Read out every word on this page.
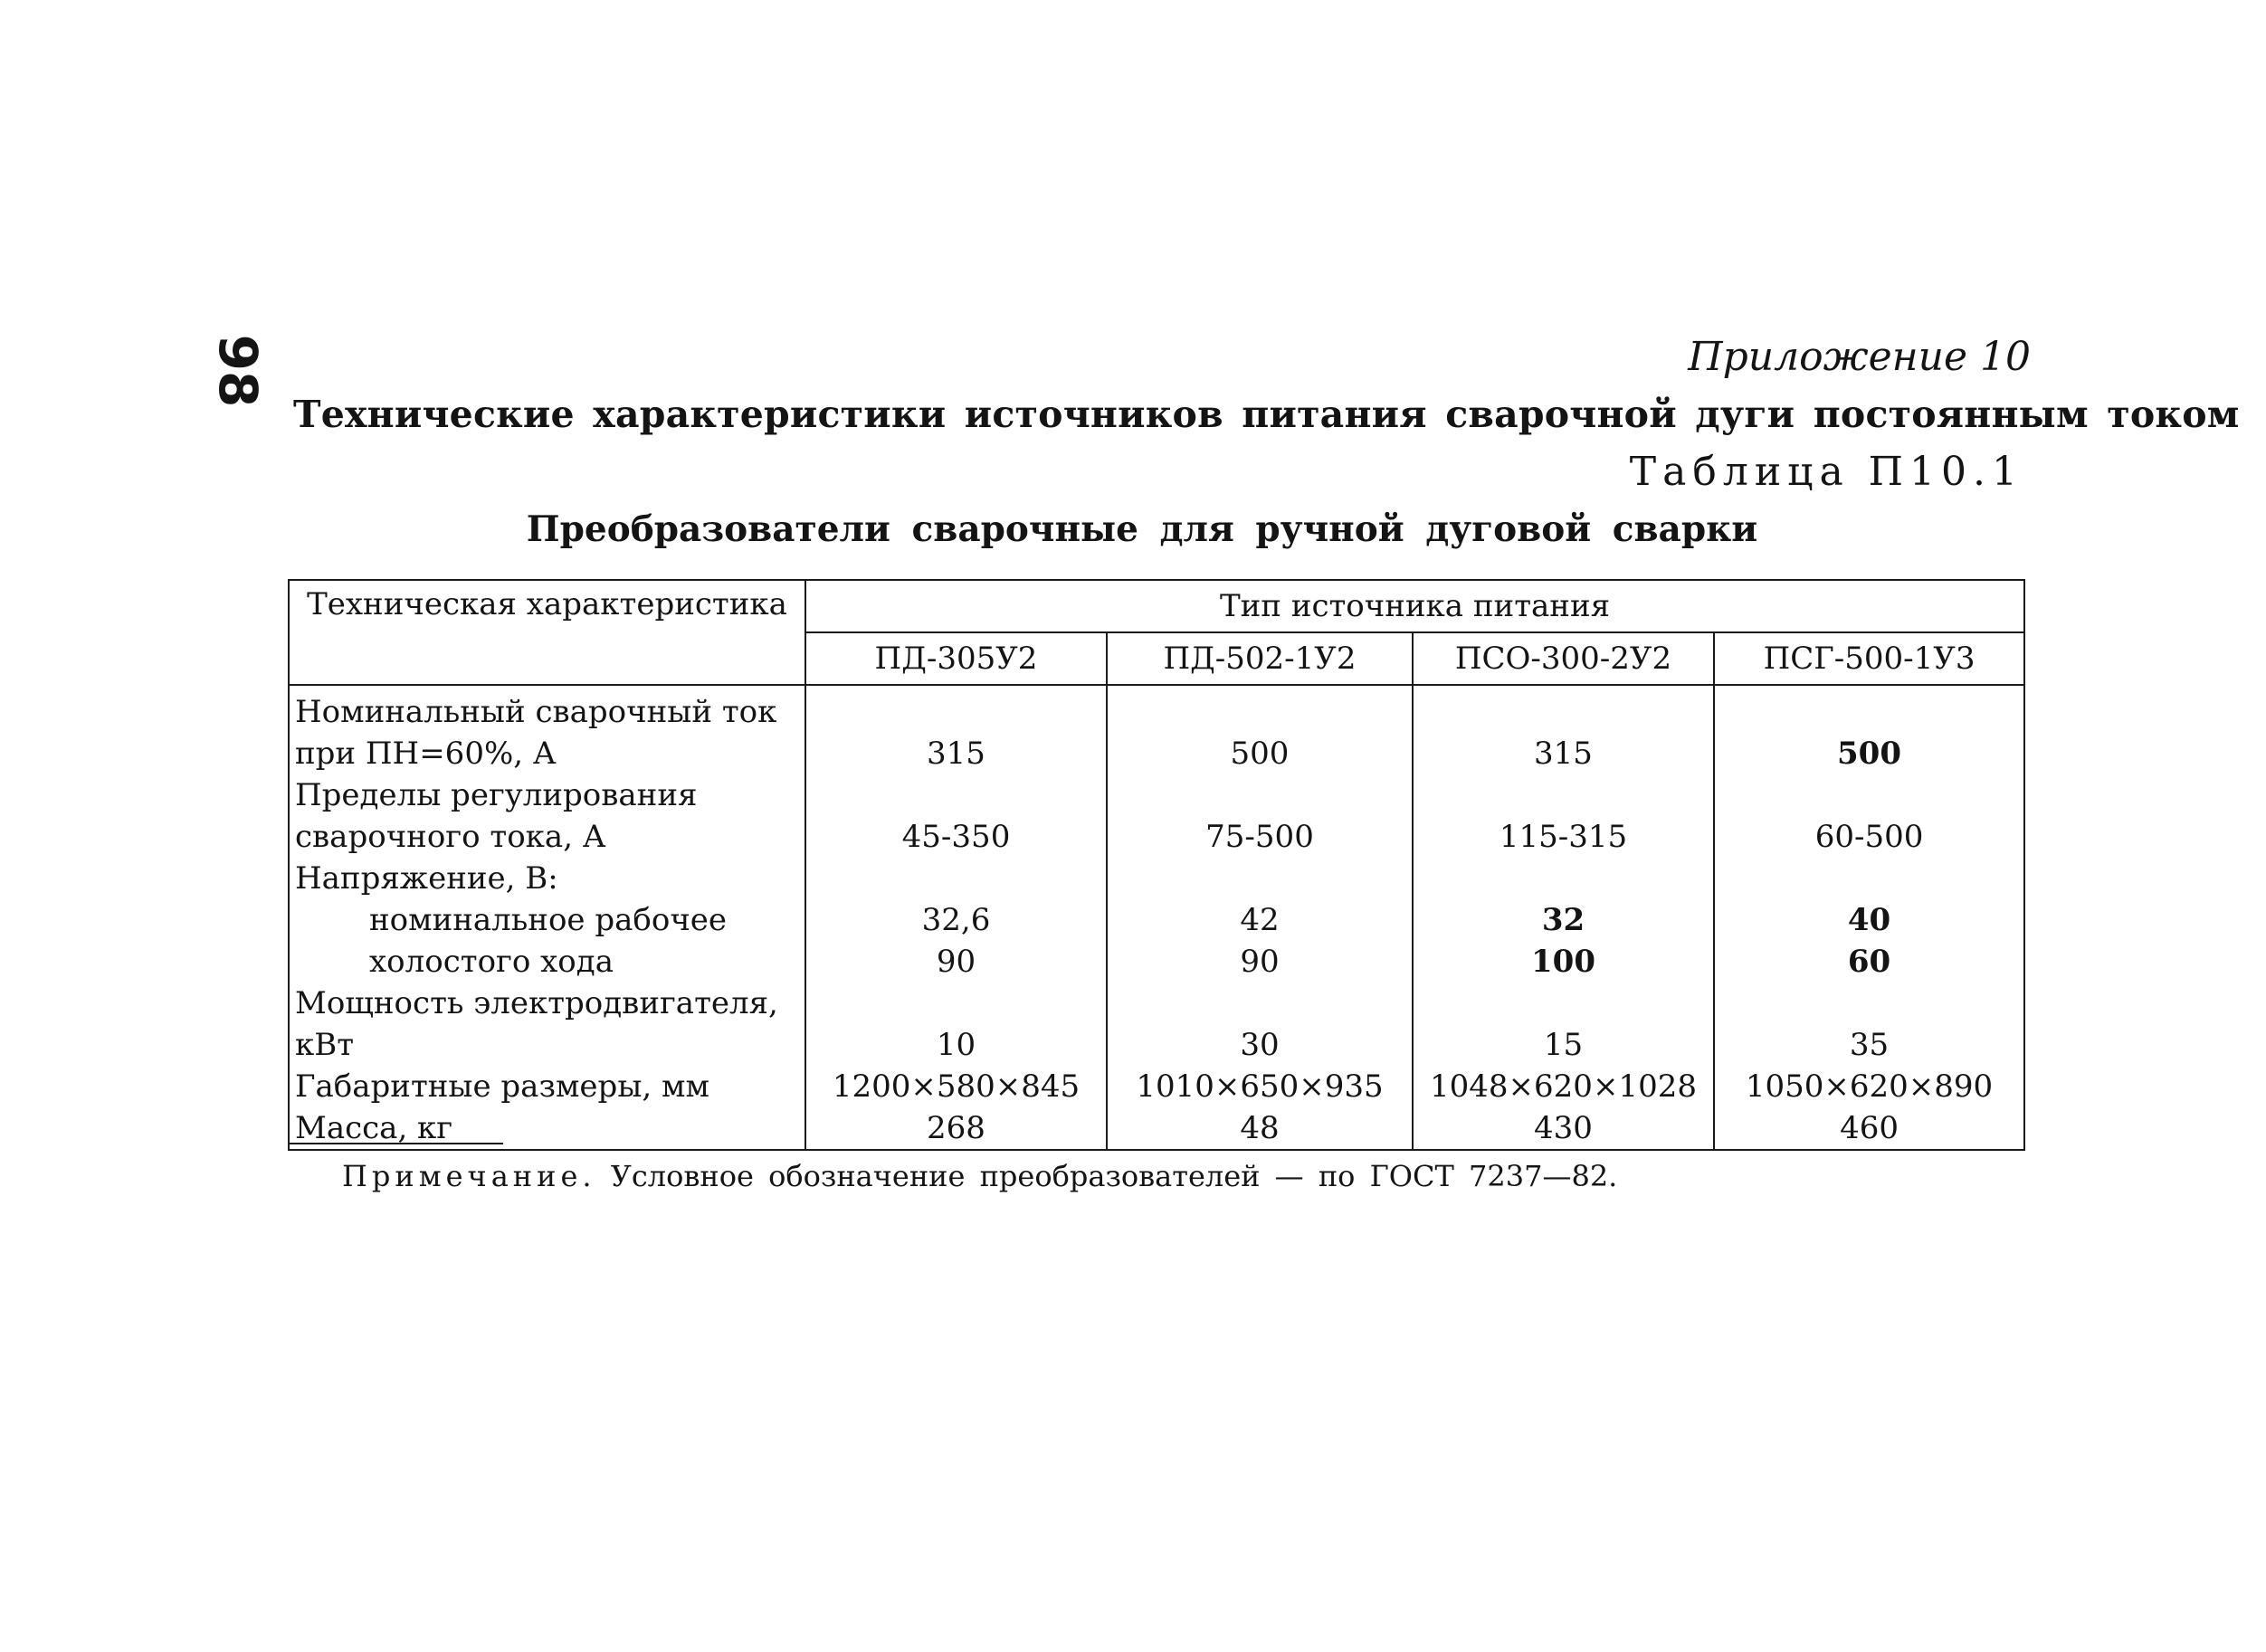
98	Приложение 10
Технические характеристики источников питания сварочной дуги постоянным током
Таблица П10.1
Преобразователи сварочные для ручной дуговой сварки
Техническая характеристика	Тип источника питания			
	ПД-305У2	ПД-502-1У2	ПСО-300-2У2	ПСГ-500-1У3
Номинальный сварочный ток при ПН=60%, А				
	315	500	315	500
Пределы регулирования сварочного тока, А				
	45-350	75-500	115-315	60-500
Напряжение, В:				
номинальное рабочее	32,6	42	32	40
холостого хода	90	90	100	60
Мощность электродвигателя, кВт	10	30	15	35
Габаритные размеры, мм	1200×580×845	1010×650×935	1048×620×1028	1050×620×890
Масса, кг	268	48	430	460
Примечание. Условное обозначение преобразователей — по ГОСТ 7237—82.
